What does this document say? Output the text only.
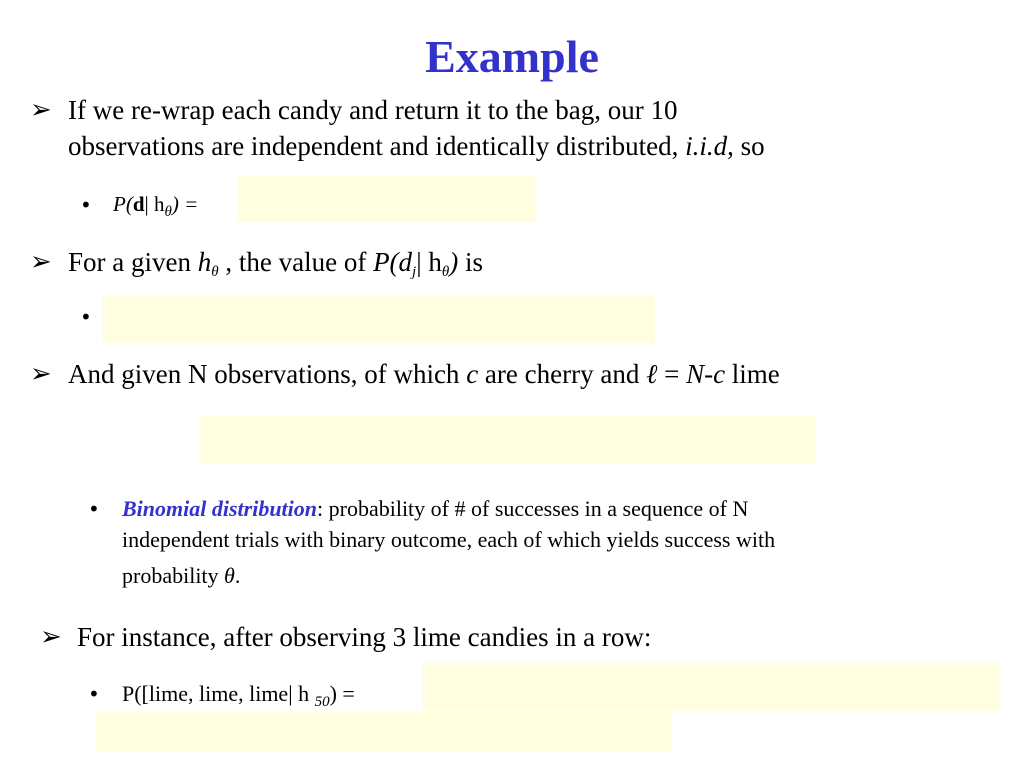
Example
➢ If we re-wrap each candy and return it to the bag, our 10
observations are independent and identically distributed, i.i.d, so
• P(d| $h_\theta$) =
➢ For a given $h_\theta$ , the value of $P(d_j|$ $h_\theta$) is
•
➢ And given N observations, of which c are cherry and ℓ = N-c lime
• Binomial distribution: probability of # of successes in a sequence of N
independent trials with binary outcome, each of which yields success with
probability θ.
➢ For instance, after observing 3 lime candies in a row:
• P([lime, lime, lime| h $_{50}$) =
